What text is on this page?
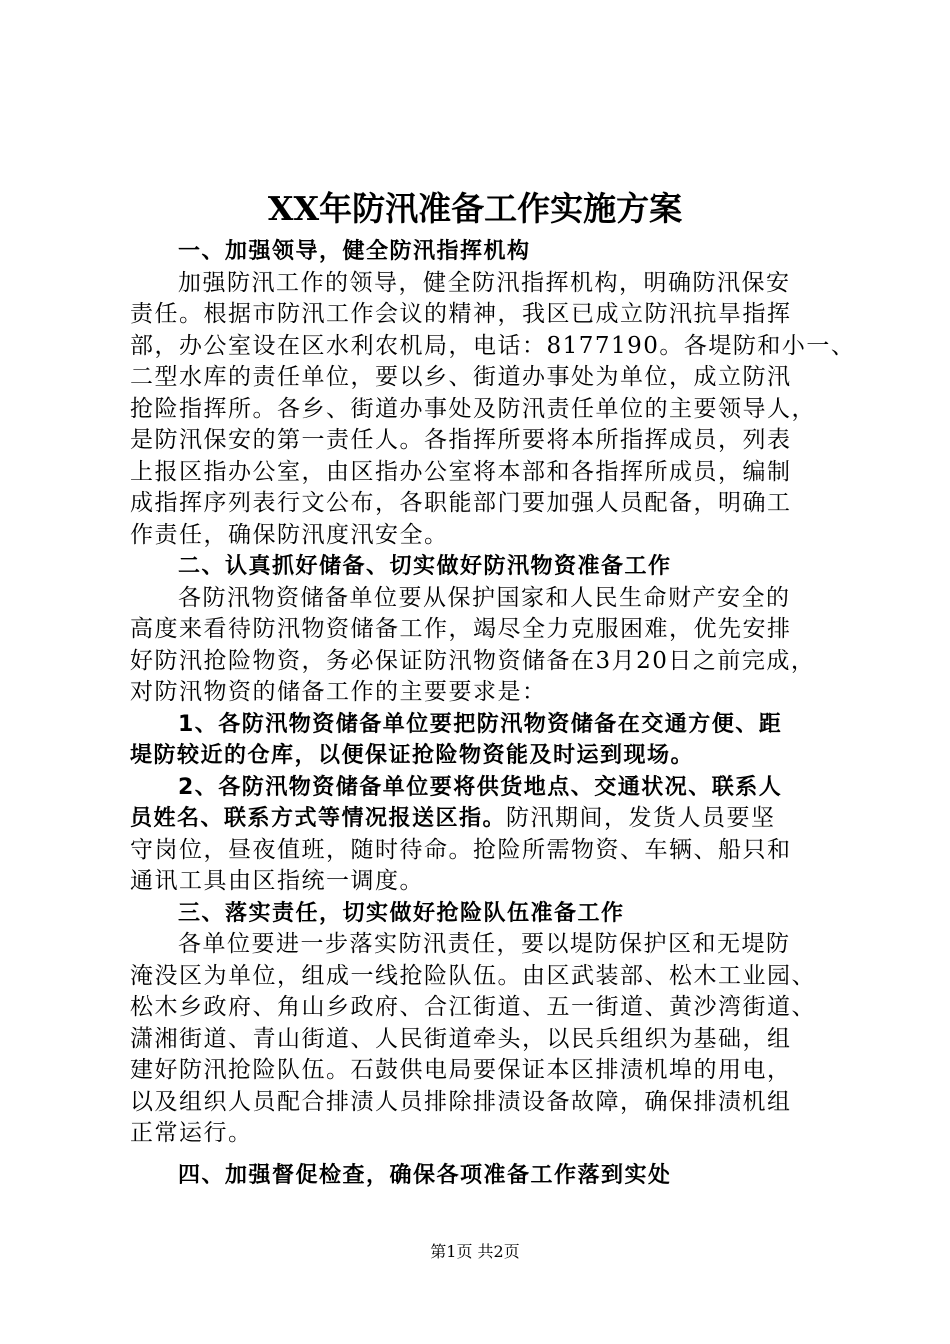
XX年防汛准备工作实施方案
一、加强领导，健全防汛指挥机构
加强防汛工作的领导，健全防汛指挥机构，明确防汛保安
责任。根据市防汛工作会议的精神，我区已成立防汛抗旱指挥
部，办公室设在区水利农机局，电话：8177190。各堤防和小一、
二型水库的责任单位，要以乡、街道办事处为单位，成立防汛
抢险指挥所。各乡、街道办事处及防汛责任单位的主要领导人，
是防汛保安的第一责任人。各指挥所要将本所指挥成员，列表
上报区指办公室，由区指办公室将本部和各指挥所成员，编制
成指挥序列表行文公布，各职能部门要加强人员配备，明确工
作责任，确保防汛度汛安全。
二、认真抓好储备、切实做好防汛物资准备工作
各防汛物资储备单位要从保护国家和人民生命财产安全的
高度来看待防汛物资储备工作，竭尽全力克服困难，优先安排
好防汛抢险物资，务必保证防汛物资储备在3月20日之前完成，
对防汛物资的储备工作的主要要求是：
1、各防汛物资储备单位要把防汛物资储备在交通方便、距
堤防较近的仓库，以便保证抢险物资能及时运到现场。
2、各防汛物资储备单位要将供货地点、交通状况、联系人
员姓名、联系方式等情况报送区指。防汛期间，发货人员要坚
守岗位，昼夜值班，随时待命。抢险所需物资、车辆、船只和
通讯工具由区指统一调度。
三、落实责任，切实做好抢险队伍准备工作
各单位要进一步落实防汛责任，要以堤防保护区和无堤防
淹没区为单位，组成一线抢险队伍。由区武装部、松木工业园、
松木乡政府、角山乡政府、合江街道、五一街道、黄沙湾街道、
潇湘街道、青山街道、人民街道牵头，以民兵组织为基础，组
建好防汛抢险队伍。石鼓供电局要保证本区排渍机埠的用电，
以及组织人员配合排渍人员排除排渍设备故障，确保排渍机组
正常运行。
四、加强督促检查，确保各项准备工作落到实处
第1页 共2页
